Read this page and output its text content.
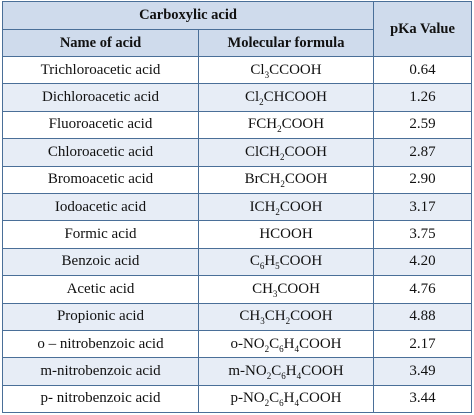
Carboxylic acid		pKa Value
Name of acid	Molecular formula	
Trichloroacetic acid	$Cl_3CCOOH$	0.64
Dichloroacetic acid	$Cl_2CHCOOH$	1.26
Fluoroacetic acid	$FCH_2COOH$	2.59
Chloroacetic acid	ClCH$_2$COOH	2.87
Bromoacetic acid	BrCH$_2$COOH	2.90
Iodoacetic acid	$ICH_2COOH$	3.17
Formic acid	HCOOH	3.75
Benzoic acid	$C_6H_5COOH$	4.20
Acetic acid	$CH_3COOH$	4.76
Propionic acid	$CH_3CH_2COOH$	4.88
o – nitrobenzoic acid	$o-NO_2C_6H_4COOH$	2.17
m-nitrobenzoic acid	$m-NO_2C_6H_4COOH$	3.49
p- nitrobenzoic acid	$p-NO_2C_6H_4COOH$	3.44
